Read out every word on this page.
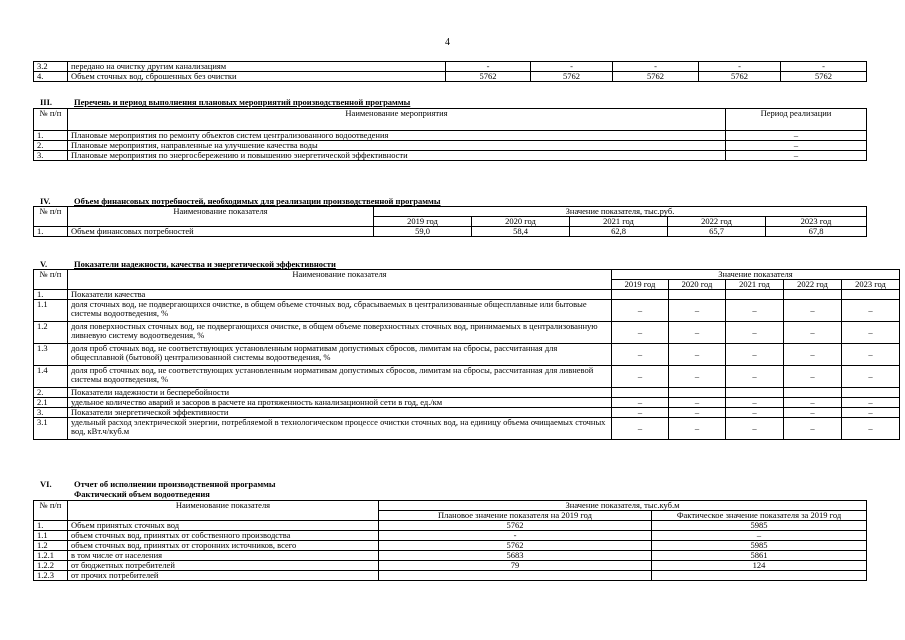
4
3.2	передано на очистку другим канализациям	-	-	-	-	-
4.	Объем сточных вод, сброшенных без очистки	5762	5762	5762	5762	5762
III.	Перечень и период выполнения плановых мероприятий производственной программы
№ п/п	Наименование мероприятия	Период реализации
1.	Плановые мероприятия по ремонту объектов систем централизованного водоотведения	–
2.	Плановые мероприятия, направленные на улучшение качества воды	–
3.	Плановые мероприятия по энергосбережению и повышению энергетической эффективности	–
IV.	Объем финансовых потребностей, необходимых для реализации производственной программы
№ п/п	Наименование показателя	Значение показателя, тыс.руб.				
		2019 год	2020 год	2021 год	2022 год	2023 год
1.	Объем финансовых потребностей	59,0	58,4	62,8	65,7	67,8
V.	Показатели надежности, качества и энергетической эффективности
№ п/п	Наименование показателя	Значение показателя				
		2019 год	2020 год	2021 год	2022 год	2023 год
1.	Показатели качества					
1.1	доля сточных вод, не подвергающихся очистке, в общем объеме сточных вод, сбрасываемых в централизованные общесплавные или бытовые системы водоотведения, %	–	–	–	–	–
1.2	доля поверхностных сточных вод, не подвергающихся очистке, в общем объеме поверхностных сточных вод, принимаемых в централизованную ливневую систему водоотведения, %	–	–	–	–	–
1.3	доля проб сточных вод, не соответствующих установленным нормативам допустимых сбросов, лимитам на сбросы, рассчитанная для общесплавной (бытовой) централизованной системы водоотведения, %	–	–	–	–	–
1.4	доля проб сточных вод, не соответствующих установленным нормативам допустимых сбросов, лимитам на сбросы, рассчитанная для ливневой системы водоотведения, %	–	–	–	–	–
2.	Показатели надежности и бесперебойности					
2.1	удельное количество аварий и засоров в расчете на протяженность канализационной сети в год, ед./км	–	–	–	–	–
3.	Показатели энергетической эффективности	–	–	–	–	–
3.1	удельный расход электрической энергии, потребляемой в технологическом процессе очистки сточных вод, на единицу объема очищаемых сточных вод, кВт.ч/куб.м	–	–	–	–	–
VI.	Отчет об исполнении производственной программы
Фактический объем водоотведения
№ п/п	Наименование показателя	Значение показателя, тыс.куб.м	
		Плановое значение показателя на 2019 год	Фактическое значение показателя за 2019 год
1.	Объем принятых сточных вод	5762	5985
1.1	объем сточных вод, принятых от собственного производства	-	–
1.2	объем сточных вод, принятых от сторонних источников, всего	5762	5985
1.2.1	в том числе от населения	5683	5861
1.2.2	от бюджетных потребителей	79	124
1.2.3	от прочих потребителей		
